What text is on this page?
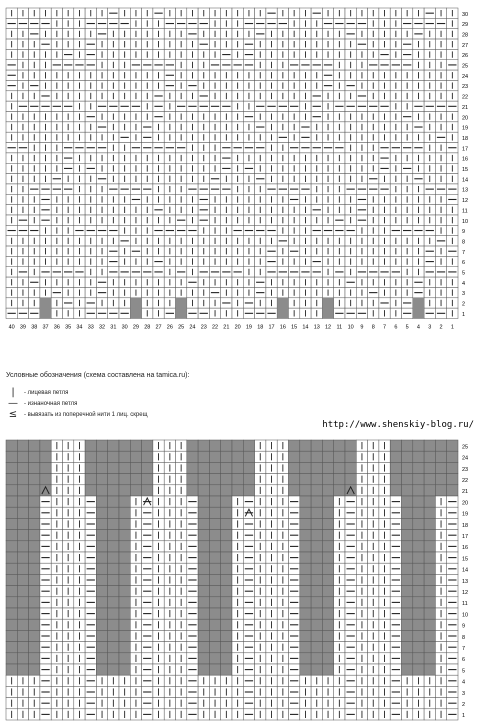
1
2
3
4
5
6
7
8
9
10
11
12
13
14
15
16
17
18
19
20
21
22
23
24
25
26
27
28
29
30
40 39 38 37 36 35 34 33 32 31 30 29 28 27 26 25 24 23 22 21 20 19 18 17 16 15 14 13 12 11 10 9 8 7 6 5 4 3 2 1
Условные обозначения (схема составлена на tamica.ru):
|	- лицевая петля
— - изнаночная петля
≤ - вывязать из поперечной нити 1 лиц. скрещ
http://www.shenskiy-blog.ru/
1
2
3
4
5
6
7
8
9
10
11
12
13
14
15
16
17
18
19
20
21
22
23
24
25
